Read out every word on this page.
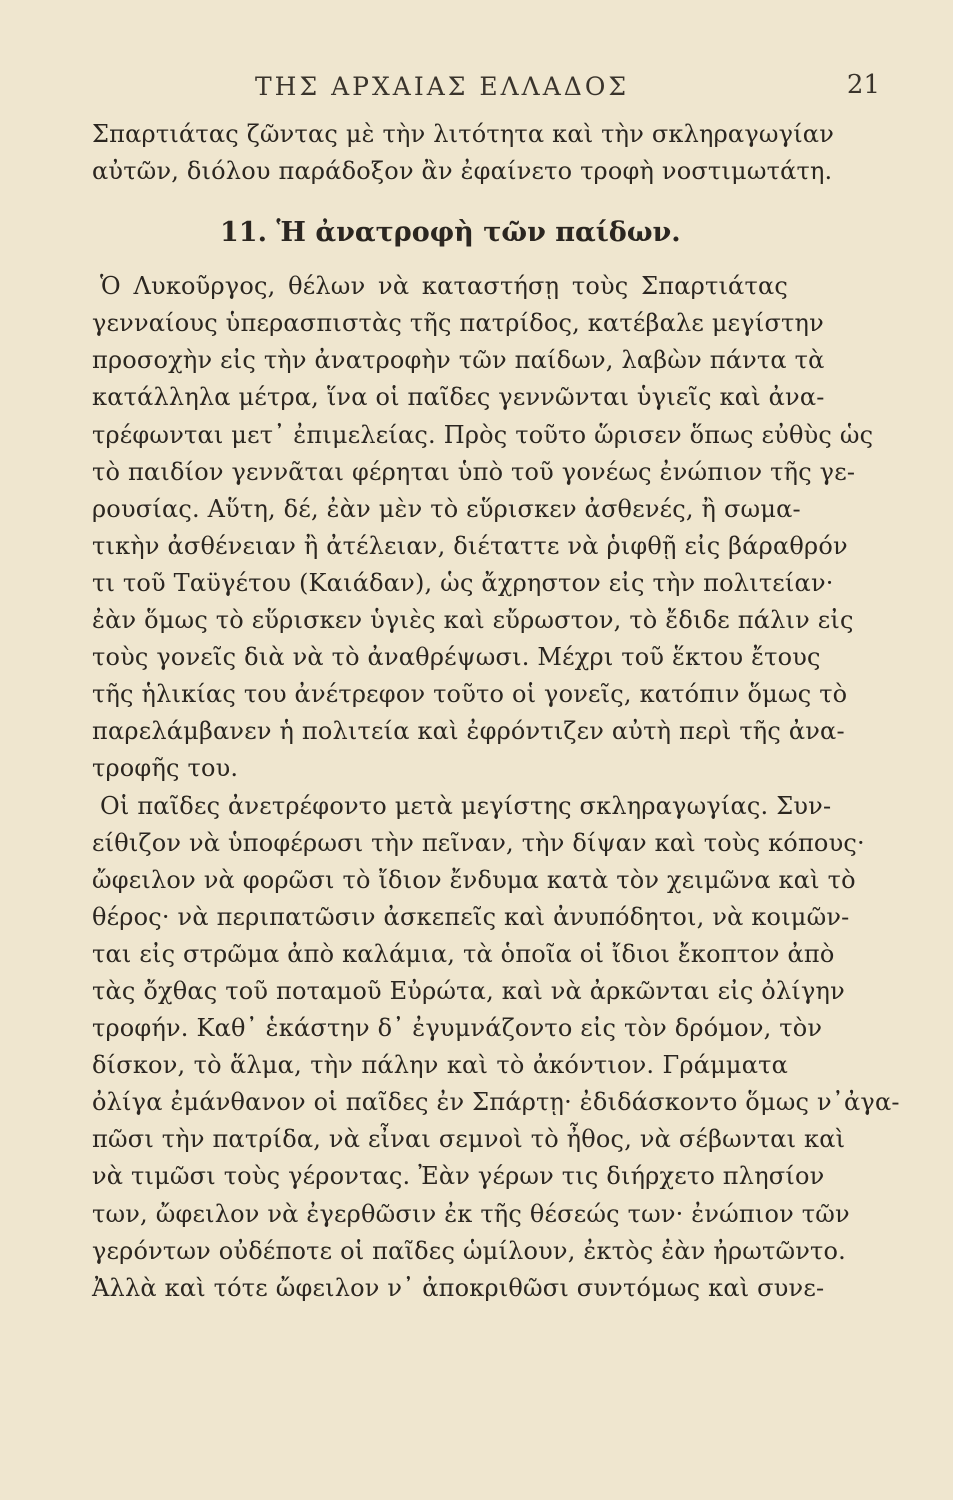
ΤΗΣ ΑΡΧΑΙΑΣ ΕΛΛΑΔΟΣ	21
Σπαρτιάτας ζῶντας μὲ τὴν λιτότητα καὶ τὴν σκληραγωγίαν
αὐτῶν, διόλου παράδοξον ἂν ἐφαίνετο τροφὴ νοστιμωτάτη.
11. Ἡ ἀνατροφὴ τῶν παίδων.
Ὁ Λυκοῦργος, θέλων νὰ καταστήσῃ τοὺς Σπαρτιάτας
γενναίους ὑπερασπιστὰς τῆς πατρίδος, κατέβαλε μεγίστην
προσοχὴν εἰς τὴν ἀνατροφὴν τῶν παίδων, λαβὼν πάντα τὰ
κατάλληλα μέτρα, ἵνα οἱ παῖδες γεννῶνται ὑγιεῖς καὶ ἀνα-
τρέφωνται μετ᾽ ἐπιμελείας. Πρὸς τοῦτο ὥρισεν ὅπως εὐθὺς ὡς
τὸ παιδίον γεννᾶται φέρηται ὑπὸ τοῦ γονέως ἐνώπιον τῆς γε-
ρουσίας. Αὕτη, δέ, ἐὰν μὲν τὸ εὕρισκεν ἀσθενές, ἢ σωμα-
τικὴν ἀσθένειαν ἢ ἀτέλειαν, διέταττε νὰ ῥιφθῇ εἰς βάραθρόν
τι τοῦ Ταϋγέτου (Καιάδαν), ὡς ἄχρηστον εἰς τὴν πολιτείαν·
ἐὰν ὅμως τὸ εὕρισκεν ὑγιὲς καὶ εὔρωστον, τὸ ἔδιδε πάλιν εἰς
τοὺς γονεῖς διὰ νὰ τὸ ἀναθρέψωσι. Μέχρι τοῦ ἕκτου ἔτους
τῆς ἡλικίας του ἀνέτρεφον τοῦτο οἱ γονεῖς, κατόπιν ὅμως τὸ
παρελάμβανεν ἡ πολιτεία καὶ ἐφρόντιζεν αὐτὴ περὶ τῆς ἀνα-
τροφῆς του.
Οἱ παῖδες ἀνετρέφοντο μετὰ μεγίστης σκληραγωγίας. Συν-
είθιζον νὰ ὑποφέρωσι τὴν πεῖναν, τὴν δίψαν καὶ τοὺς κόπους·
ὤφειλον νὰ φορῶσι τὸ ἴδιον ἔνδυμα κατὰ τὸν χειμῶνα καὶ τὸ
θέρος· νὰ περιπατῶσιν ἀσκεπεῖς καὶ ἀνυπόδητοι, νὰ κοιμῶν-
ται εἰς στρῶμα ἀπὸ καλάμια, τὰ ὁποῖα οἱ ἴδιοι ἔκοπτον ἀπὸ
τὰς ὄχθας τοῦ ποταμοῦ Εὐρώτα, καὶ νὰ ἀρκῶνται εἰς ὀλίγην
τροφήν. Καθ᾽ ἑκάστην δ᾽ ἐγυμνάζοντο εἰς τὸν δρόμον, τὸν
δίσκον, τὸ ἅλμα, τὴν πάλην καὶ τὸ ἀκόντιον. Γράμματα
ὀλίγα ἐμάνθανον οἱ παῖδες ἐν Σπάρτῃ· ἐδιδάσκοντο ὅμως ν᾽ἀγα-
πῶσι τὴν πατρίδα, νὰ εἶναι σεμνοὶ τὸ ἦθος, νὰ σέβωνται καὶ
νὰ τιμῶσι τοὺς γέροντας. Ἐὰν γέρων τις διήρχετο πλησίον
των, ὤφειλον νὰ ἐγερθῶσιν ἐκ τῆς θέσεώς των· ἐνώπιον τῶν
γερόντων οὐδέποτε οἱ παῖδες ὡμίλουν, ἐκτὸς ἐὰν ἠρωτῶντο.
Ἀλλὰ καὶ τότε ὤφειλον ν᾽ ἀποκριθῶσι συντόμως καὶ συνε-
